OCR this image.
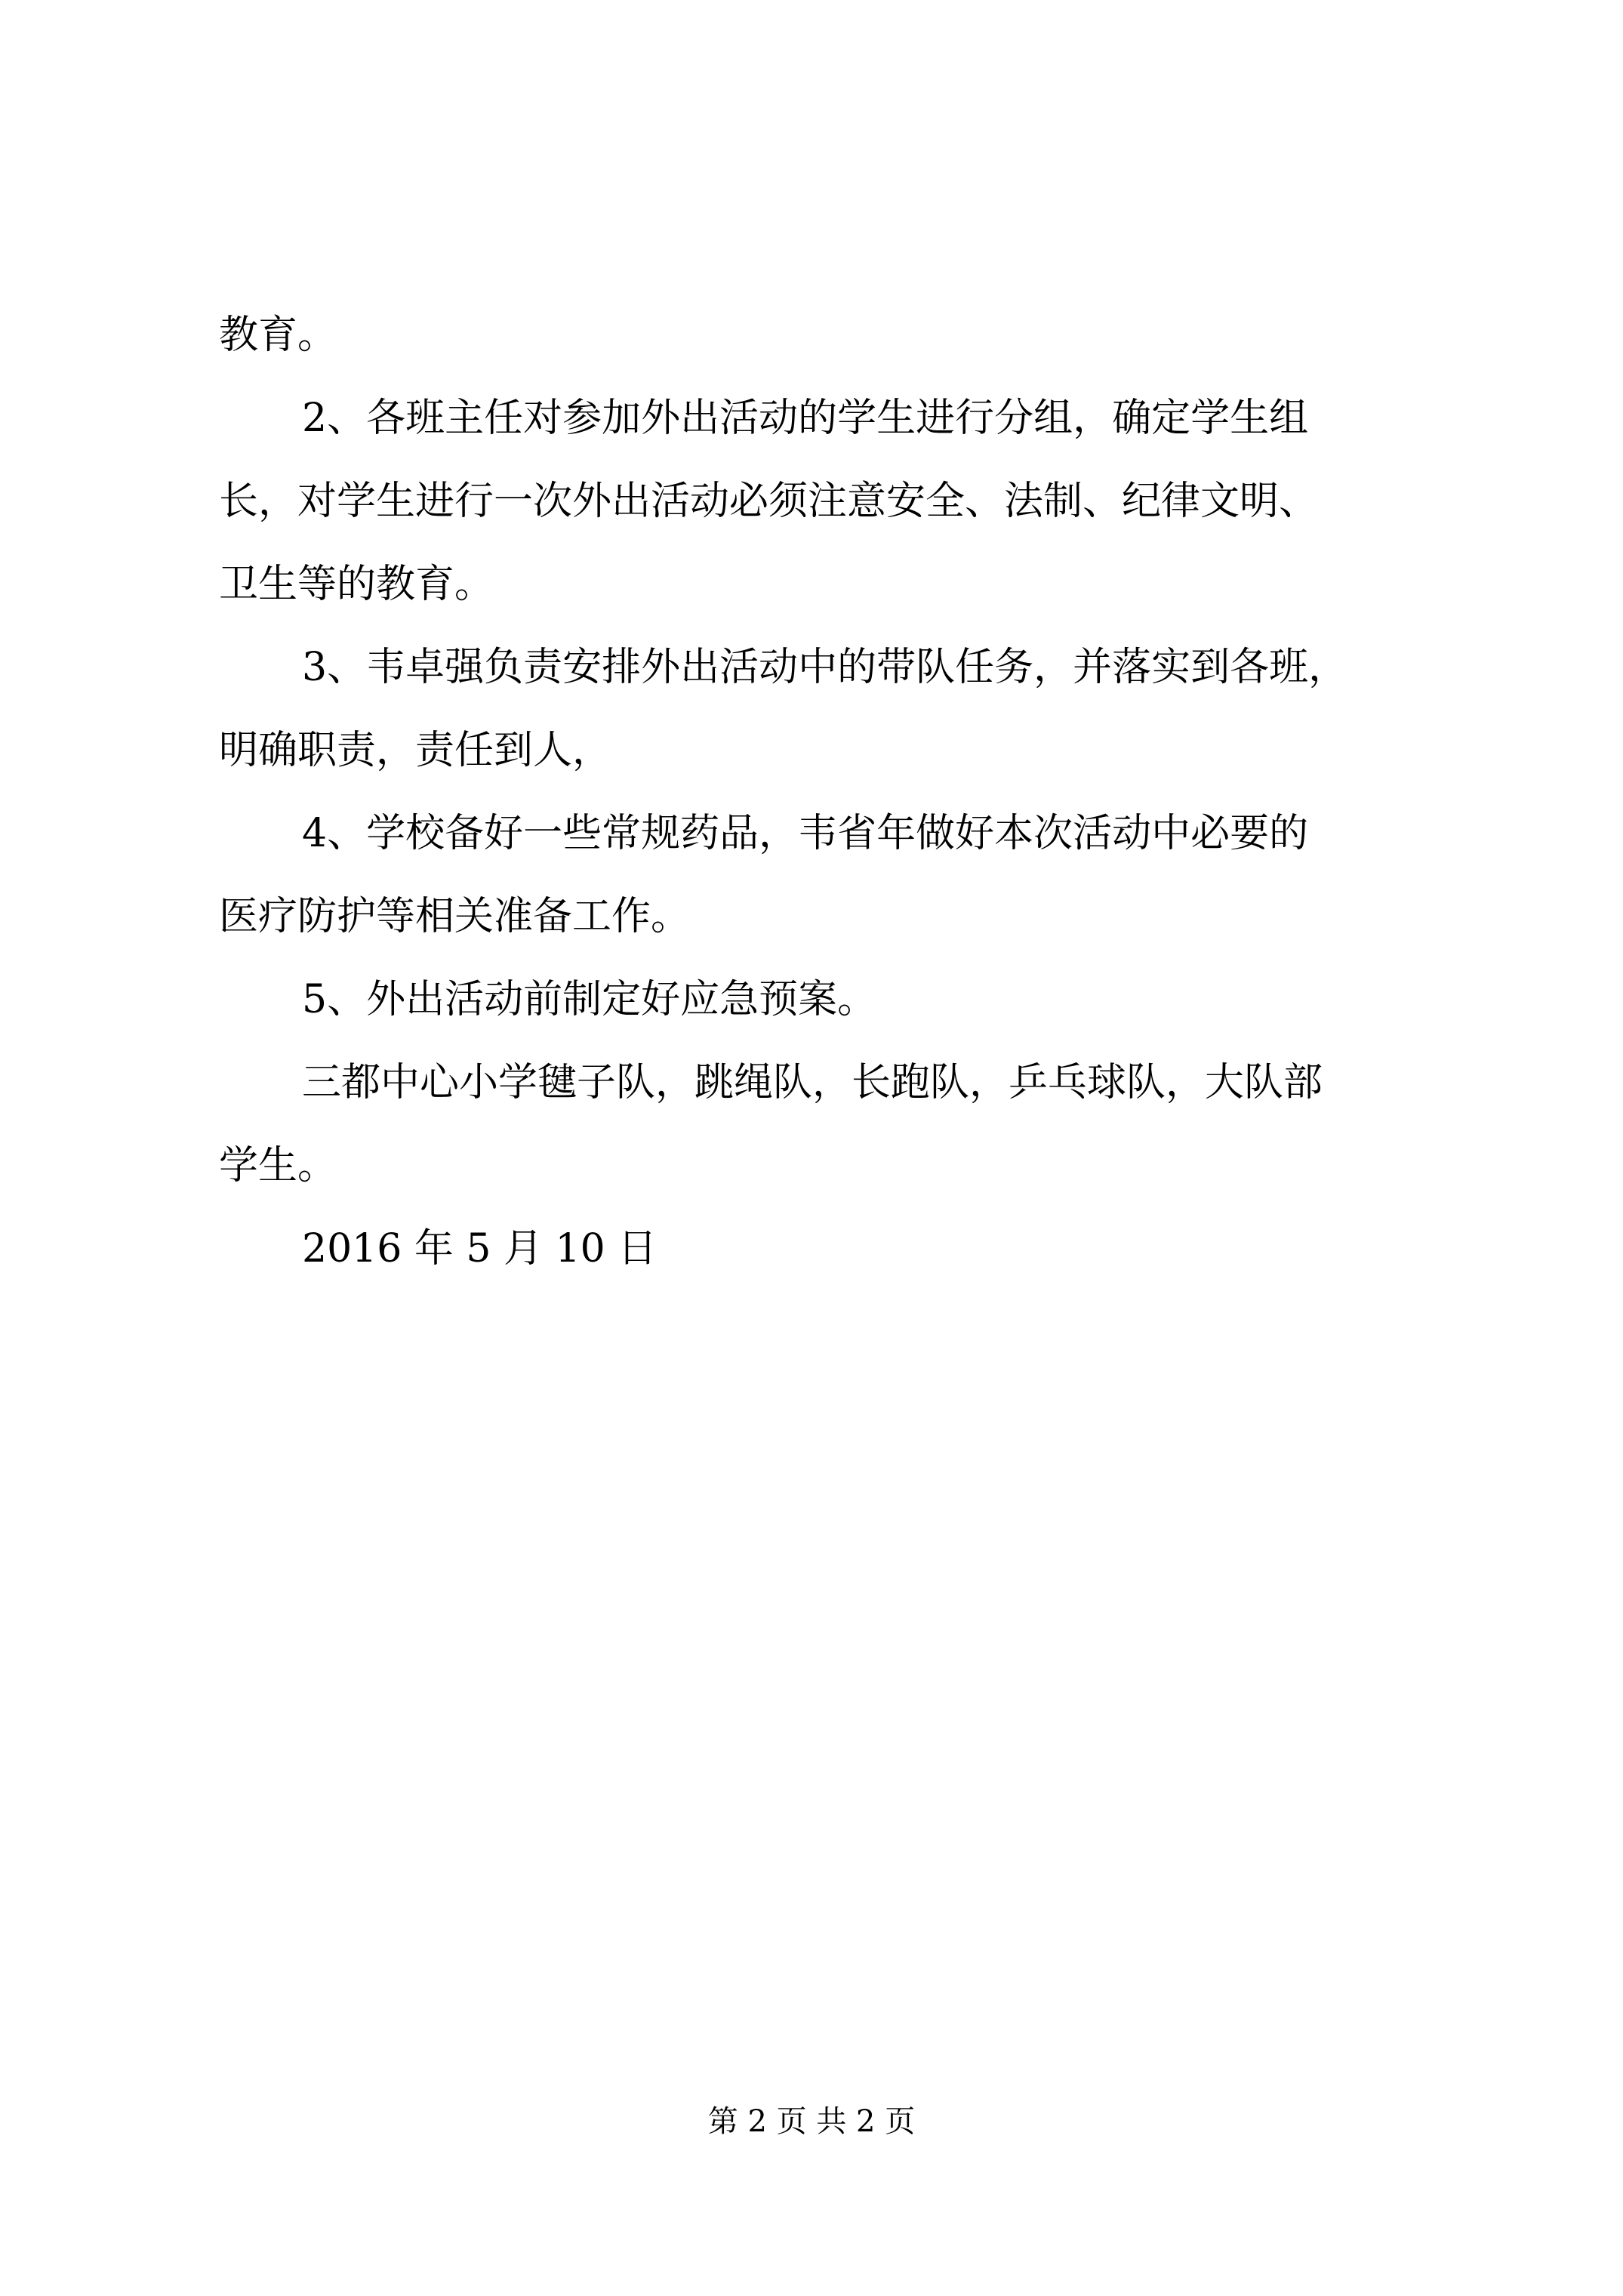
教育。
2、各班主任对参加外出活动的学生进行分组，确定学生组
长，对学生进行一次外出活动必须注意安全、法制、纪律文明、
卫生等的教育。
3、韦卓强负责安排外出活动中的带队任务，并落实到各班，
明确职责，责任到人，
4、学校备好一些常规药品，韦省年做好本次活动中必要的
医疗防护等相关准备工作。
5、外出活动前制定好应急预案。
三都中心小学毽子队，跳绳队，长跑队，乒乓球队，大队部
学生。
2016 年 5 月 10 日
第 2 页 共 2 页
